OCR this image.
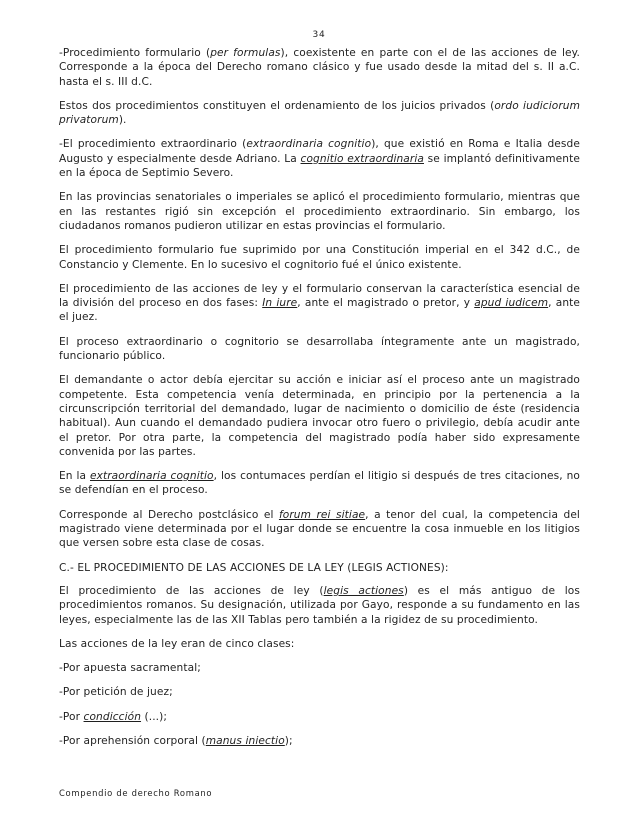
34

-Procedimiento formulario (per formulas), coexistente en parte con el de las acciones de ley. Corresponde a la época del Derecho romano clásico y fue usado desde la mitad del s. II a.C. hasta el s. III d.C.

Estos dos procedimientos constituyen el ordenamiento de los juicios privados (ordo iudiciorum privatorum).

-El procedimiento extraordinario (extraordinaria cognitio), que existió en Roma e Italia desde Augusto y especialmente desde Adriano. La cognitio extraordinaria se implantó definitivamente en la época de Septimio Severo.

En las provincias senatoriales o imperiales se aplicó el procedimiento formulario, mientras que en las restantes rigió sin excepción el procedimiento extraordinario. Sin embargo, los ciudadanos romanos pudieron utilizar en estas provincias el formulario.

El procedimiento formulario fue suprimido por una Constitución imperial en el 342 d.C., de Constancio y Clemente. En lo sucesivo el cognitorio fué el único existente.

El procedimiento de las acciones de ley y el formulario conservan la característica esencial de la división del proceso en dos fases: In iure, ante el magistrado o pretor, y apud iudicem, ante el juez.

El proceso extraordinario o cognitorio se desarrollaba íntegramente ante un magistrado, funcionario público.

El demandante o actor debía ejercitar su acción e iniciar así el proceso ante un magistrado competente. Esta competencia venía determinada, en principio por la pertenencia a la circunscripción territorial del demandado, lugar de nacimiento o domicilio de éste (residencia habitual). Aun cuando el demandado pudiera invocar otro fuero o privilegio, debía acudir ante el pretor. Por otra parte, la competencia del magistrado podía haber sido expresamente convenida por las partes.

En la extraordinaria cognitio, los contumaces perdían el litigio si después de tres citaciones, no se defendían en el proceso.

Corresponde al Derecho postclásico el forum rei sitiae, a tenor del cual, la competencia del magistrado viene determinada por el lugar donde se encuentre la cosa inmueble en los litigios que versen sobre esta clase de cosas.

C.- EL PROCEDIMIENTO DE LAS ACCIONES DE LA LEY (LEGIS ACTIONES):

El procedimiento de las acciones de ley (legis actiones) es el más antiguo de los procedimientos romanos. Su designación, utilizada por Gayo, responde a su fundamento en las leyes, especialmente las de las XII Tablas pero también a la rigidez de su procedimiento.

Las acciones de la ley eran de cinco clases:

-Por apuesta sacramental;

-Por petición de juez;

-Por condicción (...);

-Por aprehensión corporal (manus iniectio);

Compendio de derecho Romano
